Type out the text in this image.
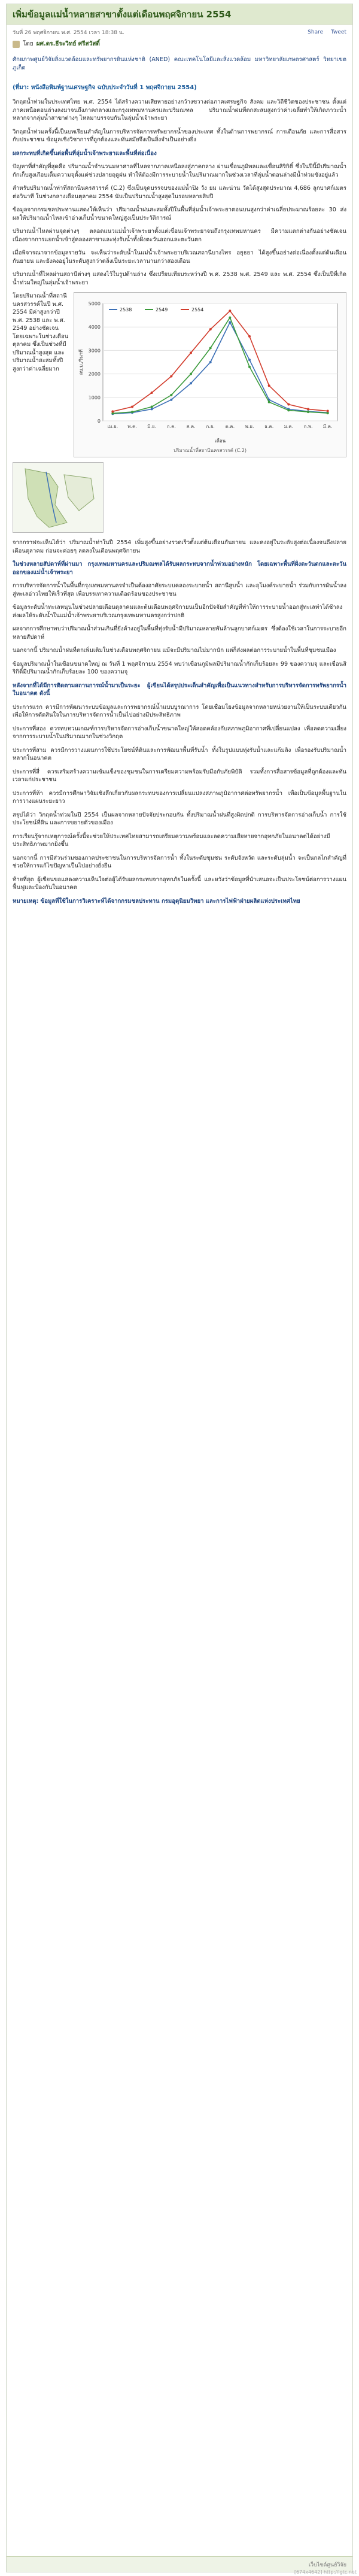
เพิ่มข้อมูลแม่น้ำหลายสาขาตั้งแต่เดือนพฤศจิกายน 2554
วันที่ 26 พฤศจิกายน พ.ศ. 2554 เวลา 18:38 น.	Share Tweet
โดย ผศ.ดร.ธีระวิทย์ ศรีสวัสดิ์

ศักยภาพศูนย์วิจัยสิ่งแวดล้อมและทรัพยากรดินแห่งชาติ (ANED) คณะเทคโนโลยีและสิ่งแวดล้อม มหาวิทยาลัยเกษตรศาสตร์ วิทยาเขตภูเก็ต

(ที่มา: หนังสือพิมพ์ฐานเศรษฐกิจ ฉบับประจำวันที่ 1 พฤศจิกายน 2554)

วิกฤตน้ำท่วมในประเทศไทย พ.ศ. 2554 ได้สร้างความเสียหายอย่างกว้างขวางต่อภาคเศรษฐกิจ สังคม และวิถีชีวิตของประชาชน ตั้งแต่ภาคเหนือตอนล่างลงมาจนถึงภาคกลางและกรุงเทพมหานครและปริมณฑล ปริมาณน้ำฝนที่ตกสะสมสูงกว่าค่าเฉลี่ยทำให้เกิดภาวะน้ำหลากจากลุ่มน้ำสาขาต่างๆ ไหลมาบรรจบกันในลุ่มน้ำเจ้าพระยา

วิกฤตน้ำท่วมครั้งนี้เป็นบทเรียนสำคัญในการบริหารจัดการทรัพยากรน้ำของประเทศ ทั้งในด้านการพยากรณ์ การเตือนภัย และการสื่อสารกับประชาชน ข้อมูลเชิงวิชาการที่ถูกต้องและทันสมัยจึงเป็นสิ่งจำเป็นอย่างยิ่ง

ผลกระทบที่เกิดขึ้นต่อพื้นที่ลุ่มน้ำเจ้าพระยาและพื้นที่ต่อเนื่อง

ปัญหาที่สำคัญที่สุดคือ ปริมาณน้ำจำนวนมหาศาลที่ไหลจากภาคเหนือลงสู่ภาคกลาง ผ่านเขื่อนภูมิพลและเขื่อนสิริกิติ์ ซึ่งในปีนี้มีปริมาณน้ำกักเก็บสูงเกือบเต็มความจุตั้งแต่ช่วงปลายฤดูฝน ทำให้ต้องมีการระบายน้ำในปริมาณมากในช่วงเวลาที่ลุ่มน้ำตอนล่างมีน้ำท่วมขังอยู่แล้ว

สำหรับปริมาณน้ำท่าที่สถานีนครสวรรค์ (C.2) ซึ่งเป็นจุดบรรจบของแม่น้ำปิง วัง ยม และน่าน วัดได้สูงสุดประมาณ 4,686 ลูกบาศก์เมตรต่อวินาที ในช่วงกลางเดือนตุลาคม 2554 นับเป็นปริมาณน้ำสูงสุดในรอบหลายสิบปี

ข้อมูลจากกรมชลประทานแสดงให้เห็นว่า ปริมาณน้ำฝนสะสมทั้งปีในพื้นที่ลุ่มน้ำเจ้าพระยาตอนบนสูงกว่าค่าเฉลี่ยประมาณร้อยละ 30 ส่งผลให้ปริมาณน้ำไหลเข้าอ่างเก็บน้ำขนาดใหญ่สูงเป็นประวัติการณ์

ปริมาณน้ำไหลผ่านจุดต่างๆ ตลอดแนวแม่น้ำเจ้าพระยาตั้งแต่เขื่อนเจ้าพระยาจนถึงกรุงเทพมหานคร มีความแตกต่างกันอย่างชัดเจนเนื่องจากการแยกน้ำเข้าสู่คลองสาขาและทุ่งรับน้ำทั้งฝั่งตะวันออกและตะวันตก

เมื่อพิจารณาจากข้อมูลรายวัน จะเห็นว่าระดับน้ำในแม่น้ำเจ้าพระยาบริเวณสถานีบางไทร อยุธยา ได้สูงขึ้นอย่างต่อเนื่องตั้งแต่ต้นเดือนกันยายน และยังคงอยู่ในระดับสูงกว่าตลิ่งเป็นระยะเวลานานกว่าสองเดือน

ปริมาณน้ำที่ไหลผ่านสถานีต่างๆ แสดงไว้ในรูปด้านล่าง ซึ่งเปรียบเทียบระหว่างปี พ.ศ. 2538 พ.ศ. 2549 และ พ.ศ. 2554 ซึ่งเป็นปีที่เกิดน้ำท่วมใหญ่ในลุ่มน้ำเจ้าพระยา

โดยปริมาณน้ำที่สถานีนครสวรรค์ในปี พ.ศ. 2554 มีค่าสูงกว่าปี พ.ศ. 2538 และ พ.ศ. 2549 อย่างชัดเจน โดยเฉพาะในช่วงเดือนตุลาคม ซึ่งเป็นช่วงที่มีปริมาณน้ำสูงสุด และปริมาณน้ำสะสมทั้งปีสูงกว่าค่าเฉลี่ยมาก
0
1000
2000
3000
4000
5000
เม.ย. พ.ค. มิ.ย. ก.ค. ส.ค. ก.ย. ต.ค. พ.ย. ธ.ค. ม.ค. ก.พ. มี.ค.
ลบ.ม./วินาที
เดือน
2538	2549	2554
ปริมาณน้ำที่สถานีนครสวรรค์ (C.2)

จากกราฟจะเห็นได้ว่า ปริมาณน้ำท่าในปี 2554 เพิ่มสูงขึ้นอย่างรวดเร็วตั้งแต่ต้นเดือนกันยายน และคงอยู่ในระดับสูงต่อเนื่องจนถึงปลายเดือนตุลาคม ก่อนจะค่อยๆ ลดลงในเดือนพฤศจิกายน

ในช่วงหลายสัปดาห์ที่ผ่านมา กรุงเทพมหานครและปริมณฑลได้รับผลกระทบจากน้ำท่วมอย่างหนัก โดยเฉพาะพื้นที่ฝั่งตะวันตกและตะวันออกของแม่น้ำเจ้าพระยา

การบริหารจัดการน้ำในพื้นที่กรุงเทพมหานครจำเป็นต้องอาศัยระบบคลองระบายน้ำ สถานีสูบน้ำ และอุโมงค์ระบายน้ำ ร่วมกับการผันน้ำลงสู่ทะเลอ่าวไทยให้เร็วที่สุด เพื่อบรรเทาความเดือดร้อนของประชาชน

ข้อมูลระดับน้ำทะเลหนุนในช่วงปลายเดือนตุลาคมและต้นเดือนพฤศจิกายนเป็นอีกปัจจัยสำคัญที่ทำให้การระบายน้ำออกสู่ทะเลทำได้ช้าลง ส่งผลให้ระดับน้ำในแม่น้ำเจ้าพระยาบริเวณกรุงเทพมหานครสูงกว่าปกติ

ผลจากการศึกษาพบว่าปริมาณน้ำส่วนเกินที่ยังค้างอยู่ในพื้นที่ทุ่งรับน้ำมีปริมาณหลายพันล้านลูกบาศก์เมตร ซึ่งต้องใช้เวลาในการระบายอีกหลายสัปดาห์

นอกจากนี้ ปริมาณน้ำฝนที่ตกเพิ่มเติมในช่วงเดือนพฤศจิกายน แม้จะมีปริมาณไม่มากนัก แต่ก็ส่งผลต่อการระบายน้ำในพื้นที่ชุมชนเมือง

ข้อมูลปริมาณน้ำในเขื่อนขนาดใหญ่ ณ วันที่ 1 พฤศจิกายน 2554 พบว่าเขื่อนภูมิพลมีปริมาณน้ำกักเก็บร้อยละ 99 ของความจุ และเขื่อนสิริกิติ์มีปริมาณน้ำกักเก็บร้อยละ 100 ของความจุ

หลังจากที่ได้มีการติดตามสถานการณ์น้ำมาเป็นระยะ ผู้เขียนได้สรุปประเด็นสำคัญเพื่อเป็นแนวทางสำหรับการบริหารจัดการทรัพยากรน้ำในอนาคต ดังนี้

ประการแรก ควรมีการพัฒนาระบบข้อมูลและการพยากรณ์น้ำแบบบูรณาการ โดยเชื่อมโยงข้อมูลจากหลายหน่วยงานให้เป็นระบบเดียวกัน เพื่อให้การตัดสินใจในการบริหารจัดการน้ำเป็นไปอย่างมีประสิทธิภาพ

ประการที่สอง ควรทบทวนเกณฑ์การบริหารจัดการอ่างเก็บน้ำขนาดใหญ่ให้สอดคล้องกับสภาพภูมิอากาศที่เปลี่ยนแปลง เพื่อลดความเสี่ยงจากการระบายน้ำในปริมาณมากในช่วงวิกฤต

ประการที่สาม ควรมีการวางแผนการใช้ประโยชน์ที่ดินและการพัฒนาพื้นที่รับน้ำ ทั้งในรูปแบบทุ่งรับน้ำและแก้มลิง เพื่อรองรับปริมาณน้ำหลากในอนาคต

ประการที่สี่ ควรเสริมสร้างความเข้มแข็งของชุมชนในการเตรียมความพร้อมรับมือกับภัยพิบัติ รวมทั้งการสื่อสารข้อมูลที่ถูกต้องและทันเวลาแก่ประชาชน

ประการที่ห้า ควรมีการศึกษาวิจัยเชิงลึกเกี่ยวกับผลกระทบของการเปลี่ยนแปลงสภาพภูมิอากาศต่อทรัพยากรน้ำ เพื่อเป็นข้อมูลพื้นฐานในการวางแผนระยะยาว

สรุปได้ว่า วิกฤตน้ำท่วมในปี 2554 เป็นผลจากหลายปัจจัยประกอบกัน ทั้งปริมาณน้ำฝนที่สูงผิดปกติ การบริหารจัดการอ่างเก็บน้ำ การใช้ประโยชน์ที่ดิน และการขยายตัวของเมือง

การเรียนรู้จากเหตุการณ์ครั้งนี้จะช่วยให้ประเทศไทยสามารถเตรียมความพร้อมและลดความเสียหายจากอุทกภัยในอนาคตได้อย่างมีประสิทธิภาพมากยิ่งขึ้น

นอกจากนี้ การมีส่วนร่วมของภาคประชาชนในการบริหารจัดการน้ำ ทั้งในระดับชุมชน ระดับจังหวัด และระดับลุ่มน้ำ จะเป็นกลไกสำคัญที่ช่วยให้การแก้ไขปัญหาเป็นไปอย่างยั่งยืน

ท้ายที่สุด ผู้เขียนขอแสดงความเห็นใจต่อผู้ได้รับผลกระทบจากอุทกภัยในครั้งนี้ และหวังว่าข้อมูลที่นำเสนอจะเป็นประโยชน์ต่อการวางแผนฟื้นฟูและป้องกันในอนาคต

หมายเหตุ: ข้อมูลที่ใช้ในการวิเคราะห์ได้จากกรมชลประทาน กรมอุตุนิยมวิทยา และการไฟฟ้าฝ่ายผลิตแห่งประเทศไทย

เว็บไซต์ศูนย์วิจัย
[674x4642] http://lgtc.net
